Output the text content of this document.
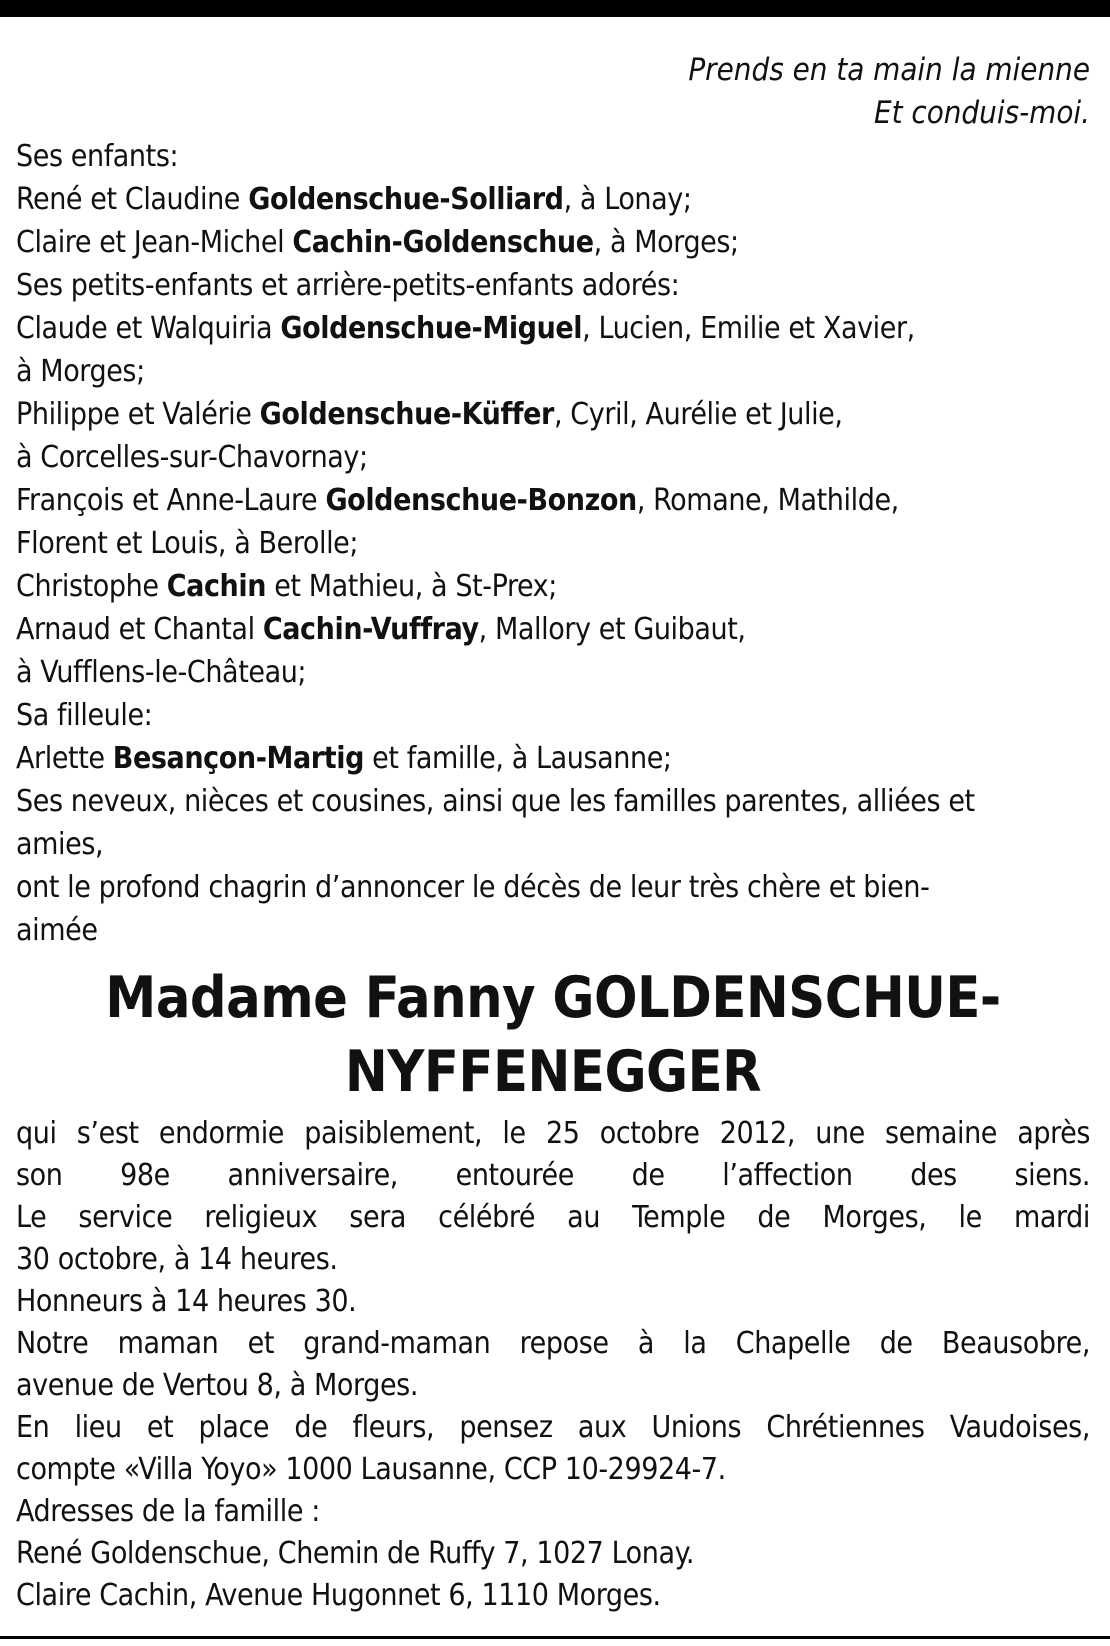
Prends en ta main la mienne
Et conduis-moi.
Ses enfants:
René et Claudine Goldenschue-Solliard, à Lonay;
Claire et Jean-Michel Cachin-Goldenschue, à Morges;
Ses petits-enfants et arrière-petits-enfants adorés:
Claude et Walquiria Goldenschue-Miguel, Lucien, Emilie et Xavier,
à Morges;
Philippe et Valérie Goldenschue-Küffer, Cyril, Aurélie et Julie,
à Corcelles-sur-Chavornay;
François et Anne-Laure Goldenschue-Bonzon, Romane, Mathilde,
Florent et Louis, à Berolle;
Christophe Cachin et Mathieu, à St-Prex;
Arnaud et Chantal Cachin-Vuffray, Mallory et Guibaut,
à Vufflens-le-Château;
Sa filleule:
Arlette Besançon-Martig et famille, à Lausanne;
Ses neveux, nièces et cousines, ainsi que les familles parentes, alliées et
amies,
ont le profond chagrin d’annoncer le décès de leur très chère et bien-
aimée
Madame Fanny GOLDENSCHUE-
NYFFENEGGER
qui s’est endormie paisiblement, le 25 octobre 2012, une semaine après
son 98e anniversaire, entourée de l’affection des siens.
Le service religieux sera célébré au Temple de Morges, le mardi
30 octobre, à 14 heures.
Honneurs à 14 heures 30.
Notre maman et grand-maman repose à la Chapelle de Beausobre,
avenue de Vertou 8, à Morges.
En lieu et place de fleurs, pensez aux Unions Chrétiennes Vaudoises,
compte «Villa Yoyo» 1000 Lausanne, CCP 10-29924-7.
Adresses de la famille :
René Goldenschue, Chemin de Ruffy 7, 1027 Lonay.
Claire Cachin, Avenue Hugonnet 6, 1110 Morges.
